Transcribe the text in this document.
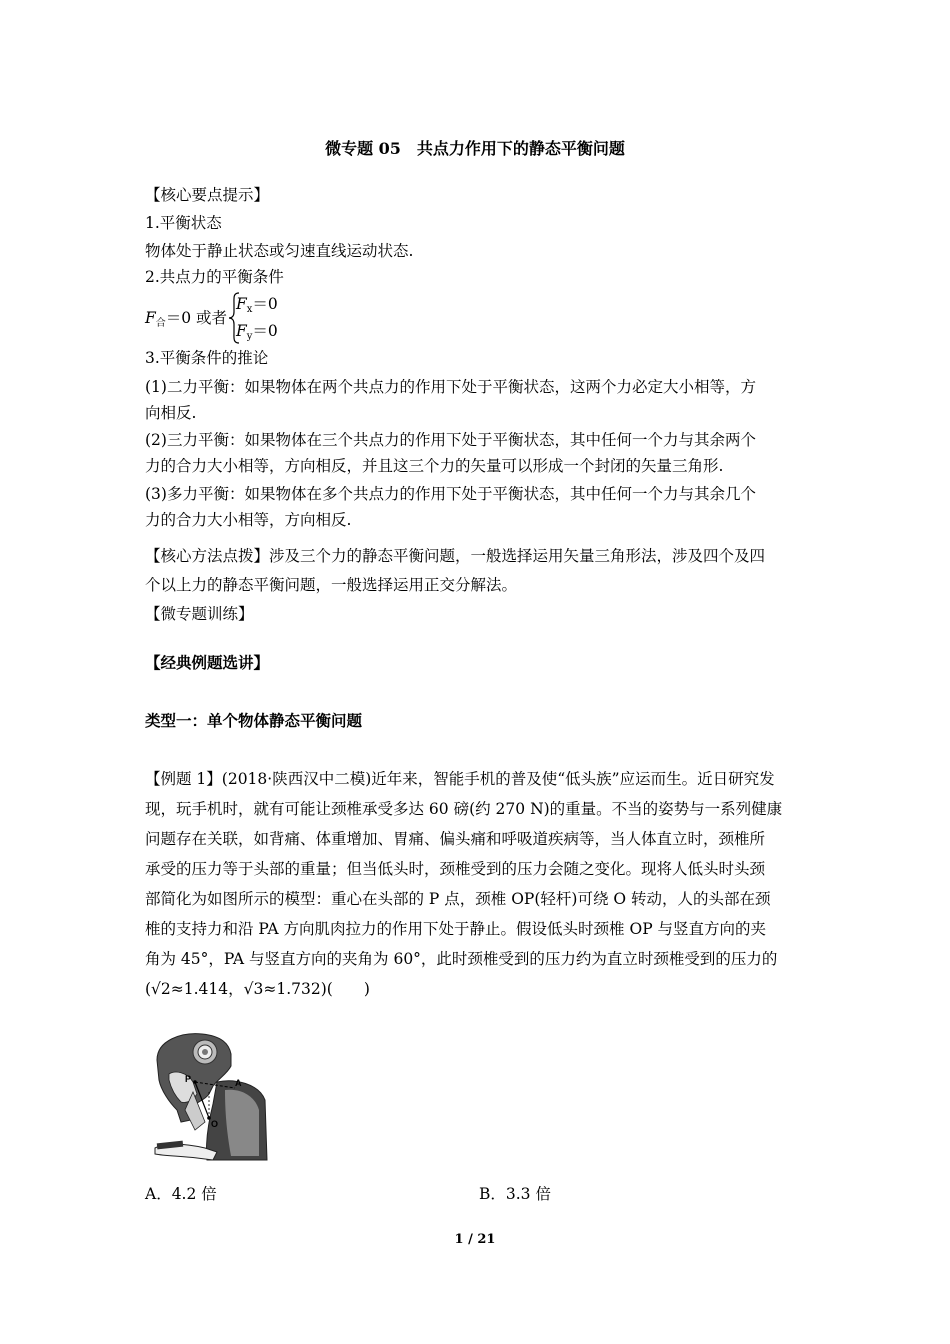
微专题 05　共点力作用下的静态平衡问题
【核心要点提示】
1.平衡状态
物体处于静止状态或匀速直线运动状态.
2.共点力的平衡条件
$F_合=0$ 或者
$F_x=0$
$F_y=0$
3.平衡条件的推论
(1)二力平衡：如果物体在两个共点力的作用下处于平衡状态，这两个力必定大小相等，方
向相反.
(2)三力平衡：如果物体在三个共点力的作用下处于平衡状态，其中任何一个力与其余两个
力的合力大小相等，方向相反，并且这三个力的矢量可以形成一个封闭的矢量三角形.
(3)多力平衡：如果物体在多个共点力的作用下处于平衡状态，其中任何一个力与其余几个
力的合力大小相等，方向相反.
【核心方法点拨】涉及三个力的静态平衡问题，一般选择运用矢量三角形法，涉及四个及四
个以上力的静态平衡问题，一般选择运用正交分解法。
【微专题训练】
【经典例题选讲】
类型一：单个物体静态平衡问题
【例题 1】(2018·陕西汉中二模)近年来，智能手机的普及使“低头族”应运而生。近日研究发
现，玩手机时，就有可能让颈椎承受多达 60 磅(约 270 N)的重量。不当的姿势与一系列健康
问题存在关联，如背痛、体重增加、胃痛、偏头痛和呼吸道疾病等，当人体直立时，颈椎所
承受的压力等于头部的重量；但当低头时，颈椎受到的压力会随之变化。现将人低头时头颈
部简化为如图所示的模型：重心在头部的 P 点，颈椎 OP(轻杆)可绕 O 转动，人的头部在颈
椎的支持力和沿 PA 方向肌肉拉力的作用下处于静止。假设低头时颈椎 OP 与竖直方向的夹
角为 45°，PA 与竖直方向的夹角为 60°，此时颈椎受到的压力约为直立时颈椎受到的压力的
(√2≈1.414，√3≈1.732)(　　)
P	A
O
A．4.2 倍	B．3.3 倍
1 / 21
